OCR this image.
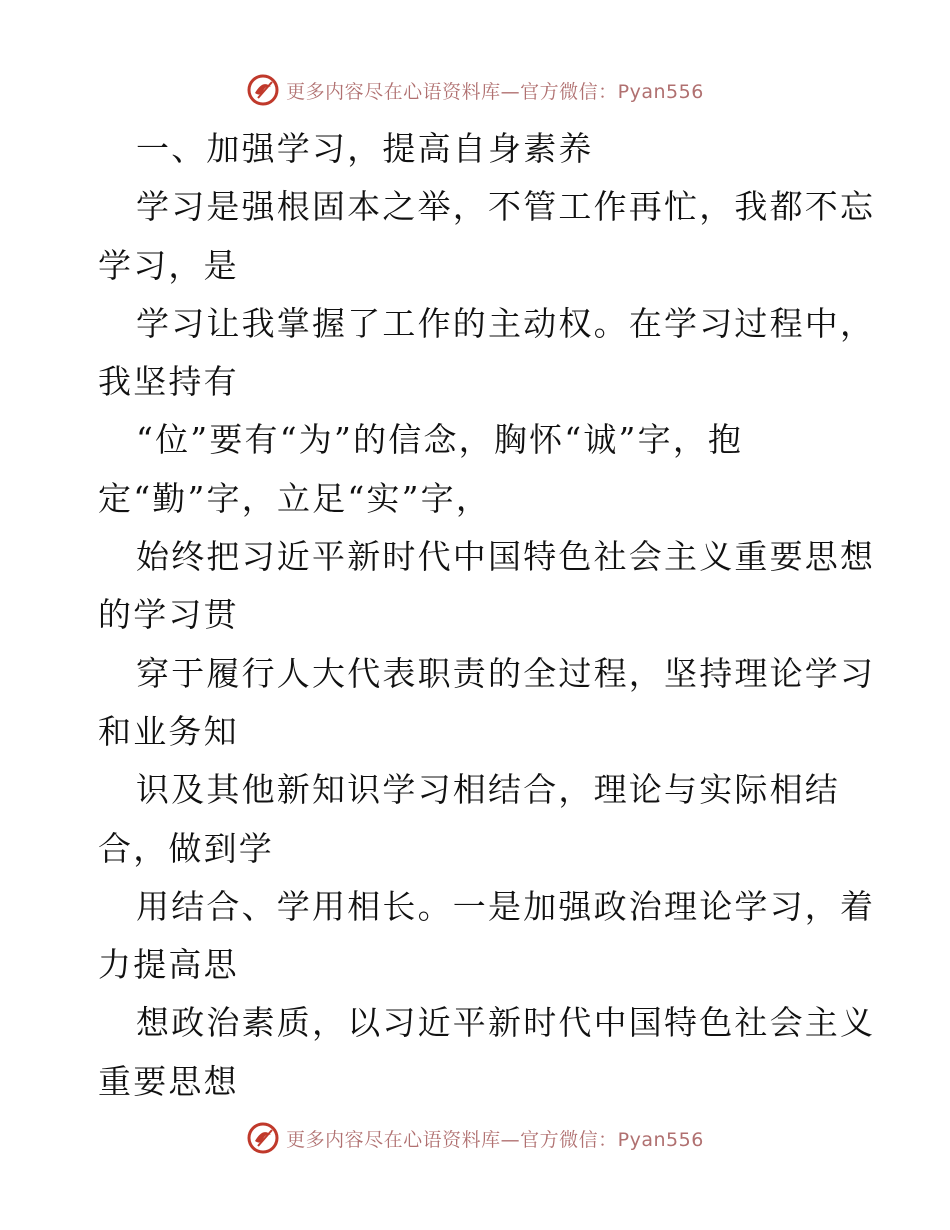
更多内容尽在心语资料库—官方微信：Pyan556
一、加强学习，提高自身素养
学习是强根固本之举，不管工作再忙，我都不忘
学习，是
学习让我掌握了工作的主动权。在学习过程中，
我坚持有
“位”要有“为”的信念，胸怀“诚”字，抱
定“勤”字，立足“实”字，
始终把习近平新时代中国特色社会主义重要思想
的学习贯
穿于履行人大代表职责的全过程，坚持理论学习
和业务知
识及其他新知识学习相结合，理论与实际相结
合，做到学
用结合、学用相长。一是加强政治理论学习，着
力提高思
想政治素质，以习近平新时代中国特色社会主义
重要思想
更多内容尽在心语资料库—官方微信：Pyan556
